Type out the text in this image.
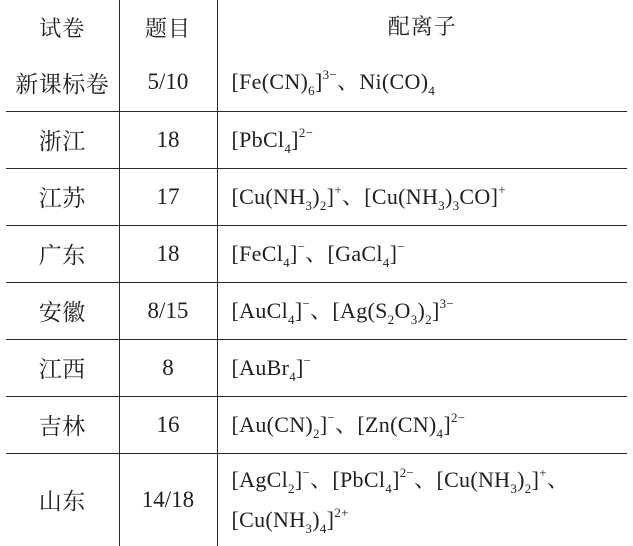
试卷	题目	配离子
新课标卷	5/10	$[Fe(CN)_6]^{3-}$、$Ni(CO)_4$
浙江	18	[PbCl$_4$]$^{2-}$
江苏	17	$[Cu(NH_3)_2]^+$、$[Cu(NH_3)_3CO]^+$
广东	18	[FeCl$_4$]−、[GaCl$_4$]−
安徽	8/15	[AuCl$_4$]−、$[Ag(S_2O_3)_2]^{3-}$
江西	8	[AuBr$_4$]−
吉林	16	$[Au(CN)_2]^-$、$[Zn(CN)_4]^{2-}$
山东	14/18	[AgCl$_2$]−、[PbCl$_4$]$^{2-}$、$[Cu(NH_3)_2]^+$、
$[Cu(NH_3)_4]^{2+}$
